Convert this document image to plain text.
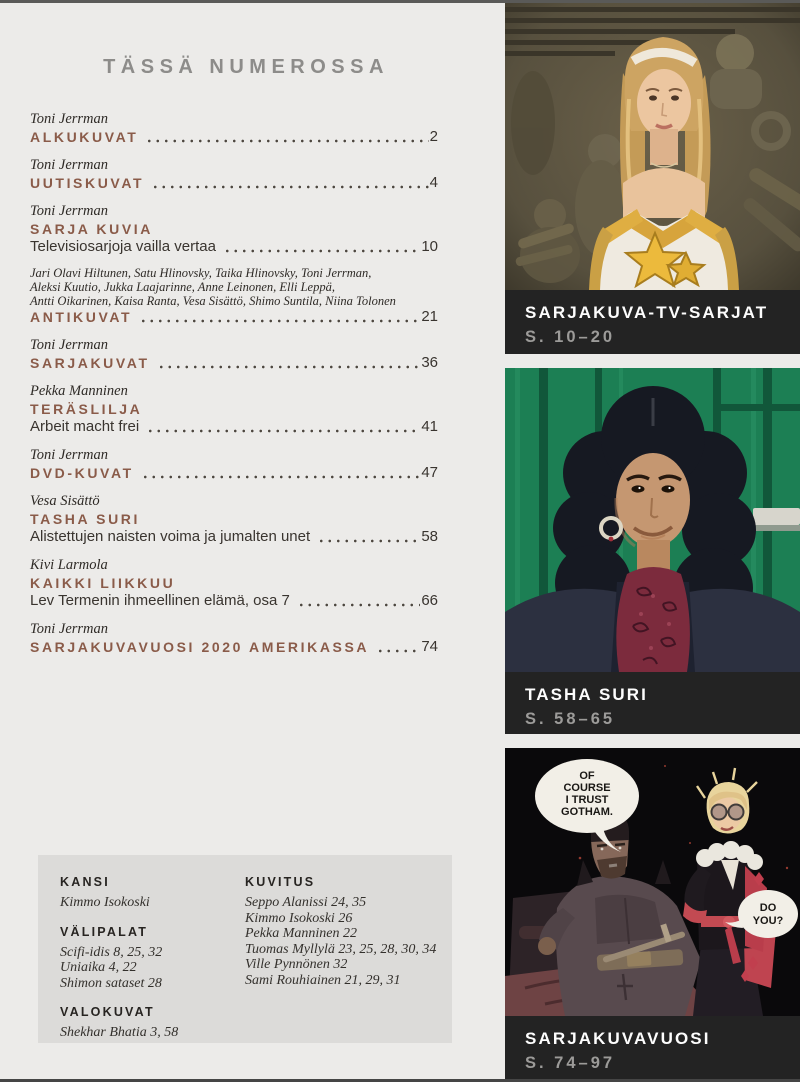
TÄSSÄ NUMEROSSA
Toni Jerrman
ALKUKUVAT	2
Toni Jerrman
UUTISKUVAT	4
Toni Jerrman
SARJA KUVIA
Televisiosarjoja vailla vertaa	10
Jari Olavi Hiltunen, Satu Hlinovsky, Taika Hlinovsky, Toni Jerrman,
Aleksi Kuutio, Jukka Laajarinne, Anne Leinonen, Elli Leppä,
Antti Oikarinen, Kaisa Ranta, Vesa Sisättö, Shimo Suntila, Niina Tolonen
ANTIKUVAT	21
Toni Jerrman
SARJAKUVAT	36
Pekka Manninen
TERÄSLILJA
Arbeit macht frei	41
Toni Jerrman
DVD-KUVAT	47
Vesa Sisättö
TASHA SURI
Alistettujen naisten voima ja jumalten unet	58
Kivi Larmola
KAIKKI LIIKKUU
Lev Termenin ihmeellinen elämä, osa 7	66
Toni Jerrman
SARJAKUVAVUOSI 2020 AMERIKASSA	74
KANSI
Kimmo Isokoski
VÄLIPALAT
Scifi-idis 8, 25, 32
Uniaika 4, 22
Shimon sataset 28
VALOKUVAT
Shekhar Bhatia 3, 58
KUVITUS
Seppo Alanissi 24, 35
Kimmo Isokoski 26
Pekka Manninen 22
Tuomas Myllylä 23, 25, 28, 30, 34
Ville Pynnönen 32
Sami Rouhiainen 21, 29, 31
SARJAKUVA-TV-SARJAT
S. 10–20
TASHA SURI
S. 58–65
OF
COURSE
I TRUST
GOTHAM.
DO
YOU?
SARJAKUVAVUOSI
S. 74–97
